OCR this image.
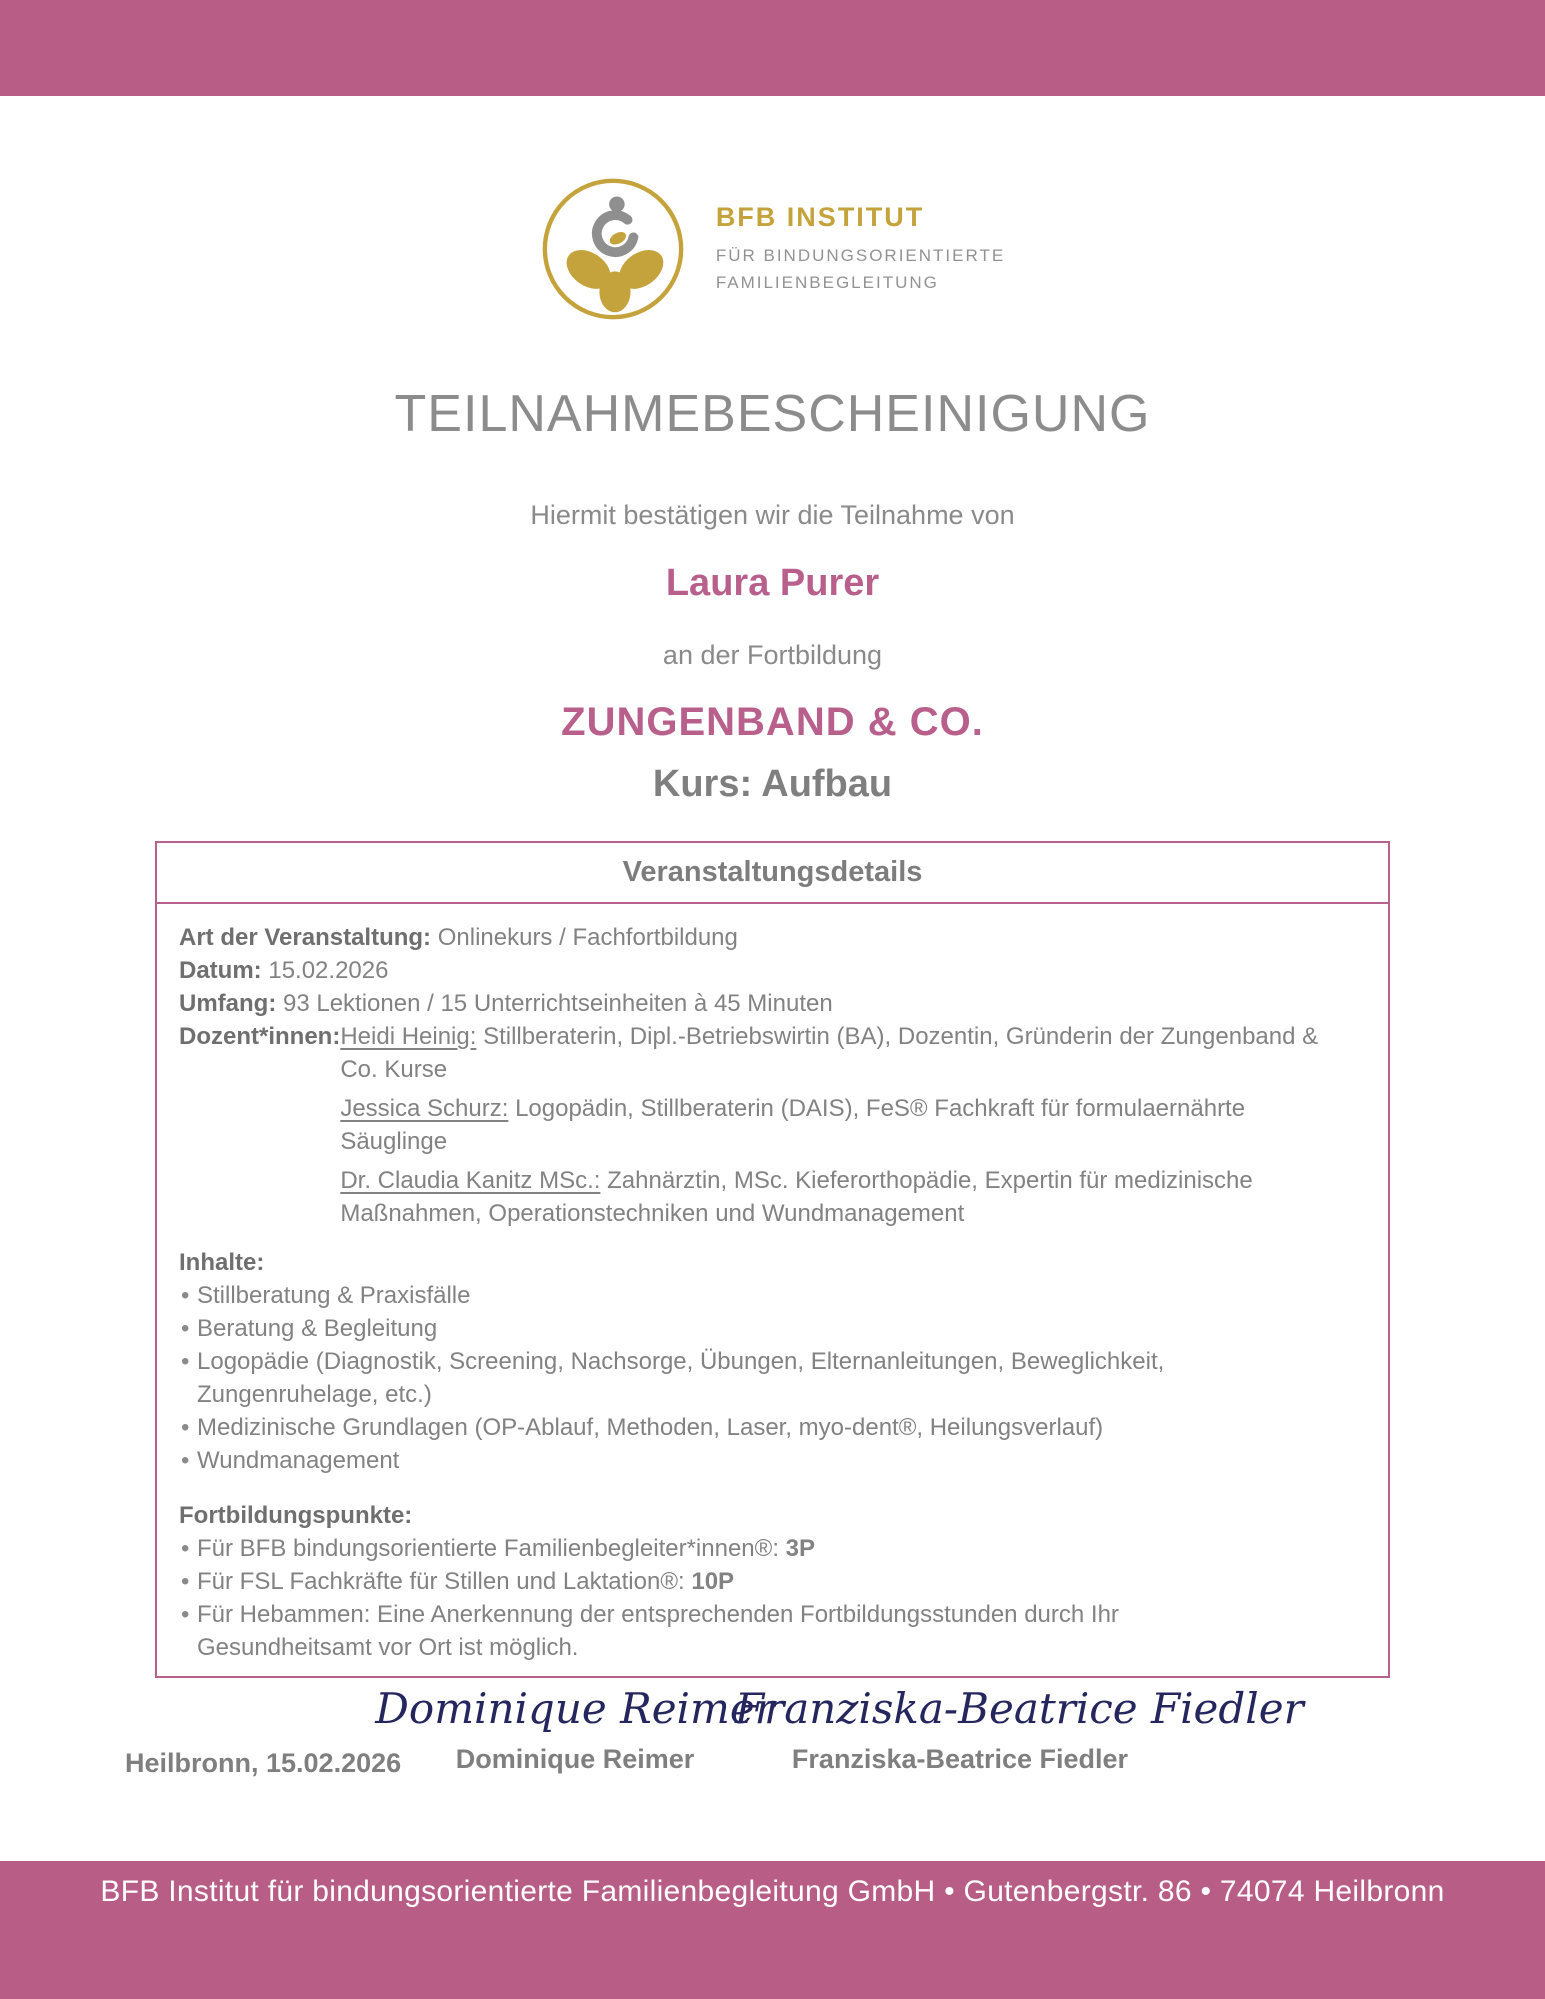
BFB INSTITUT
FÜR BINDUNGSORIENTIERTE
FAMILIENBEGLEITUNG
TEILNAHMEBESCHEINIGUNG
Hiermit bestätigen wir die Teilnahme von
Laura Purer
an der Fortbildung
ZUNGENBAND & CO.
Kurs: Aufbau
Veranstaltungsdetails
Art der Veranstaltung: Onlinekurs / Fachfortbildung
Datum: 15.02.2026
Umfang: 93 Lektionen / 15 Unterrichtseinheiten à 45 Minuten
Dozent*innen: Heidi Heinig: Stillberaterin, Dipl.-Betriebswirtin (BA), Dozentin, Gründerin der Zungenband & Co. Kurse

Jessica Schurz: Logopädin, Stillberaterin (DAIS), FeS® Fachkraft für formulaernährte Säuglinge

Dr. Claudia Kanitz MSc.: Zahnärztin, MSc. Kieferorthopädie, Expertin für medizinische Maßnahmen, Operationstechniken und Wundmanagement

Inhalte:
• Stillberatung & Praxisfälle
• Beratung & Begleitung
• Logopädie (Diagnostik, Screening, Nachsorge, Übungen, Elternanleitungen, Beweglichkeit, Zungenruhelage, etc.)
• Medizinische Grundlagen (OP-Ablauf, Methoden, Laser, myo-dent®, Heilungsverlauf)
• Wundmanagement
Fortbildungspunkte:
• Für BFB bindungsorientierte Familienbegleiter*innen®: 3P
• Für FSL Fachkräfte für Stillen und Laktation®: 10P
• Für Hebammen: Eine Anerkennung der entsprechenden Fortbildungsstunden durch Ihr Gesundheitsamt vor Ort ist möglich.
Heilbronn, 15.02.2026
Dominique Reimer
Dominique Reimer
Franziska-Beatrice Fiedler
Franziska-Beatrice Fiedler
BFB Institut für bindungsorientierte Familienbegleitung GmbH • Gutenbergstr. 86 • 74074 Heilbronn
